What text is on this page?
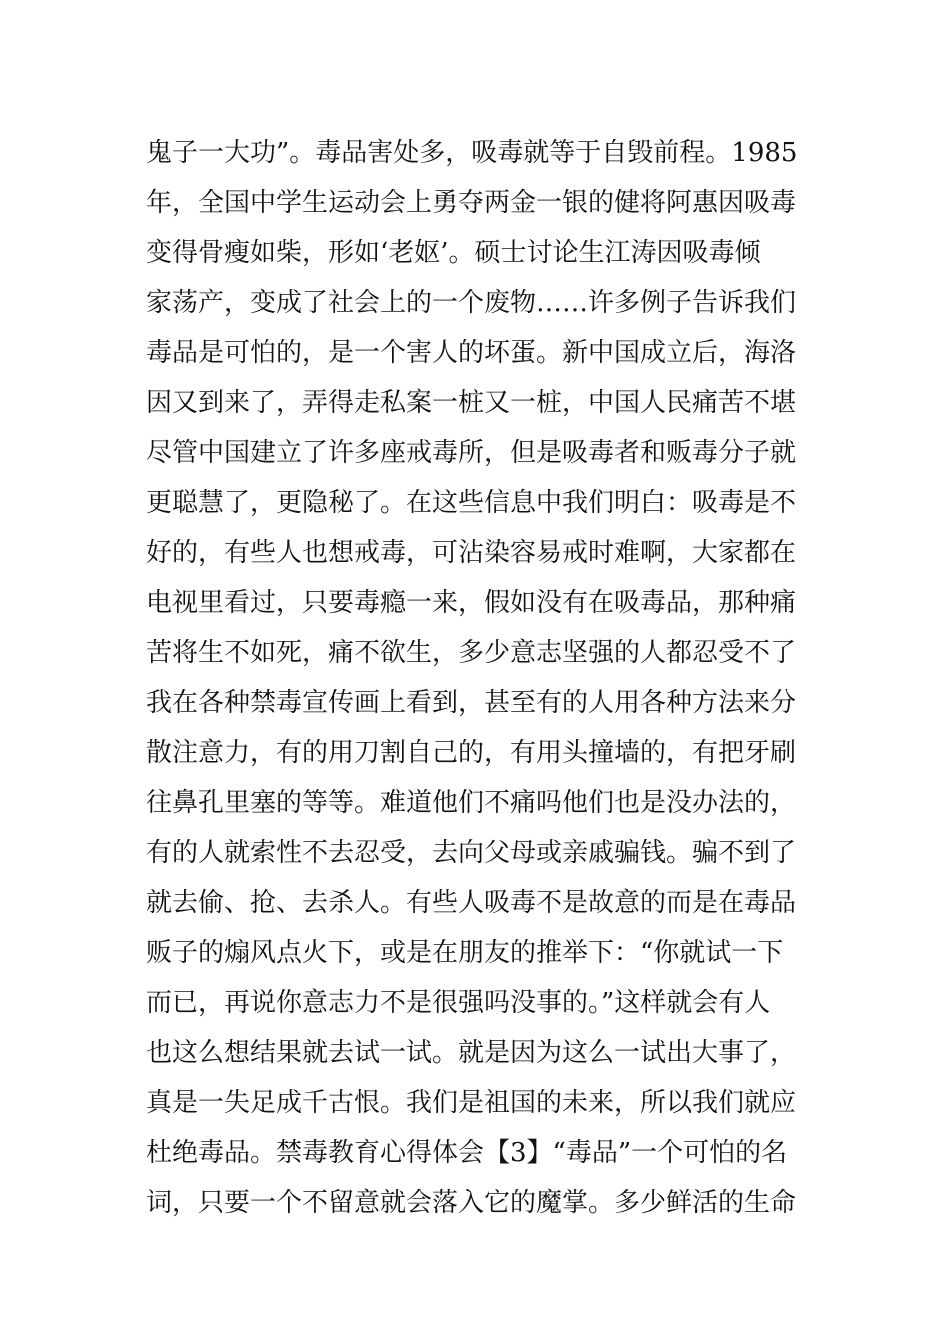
鬼子一大功”。毒品害处多，吸毒就等于自毁前程。1985
年，全国中学生运动会上勇夺两金一银的健将阿惠因吸毒
变得骨瘦如柴，形如‘老妪’。硕士讨论生江涛因吸毒倾
家荡产，变成了社会上的一个废物……许多例子告诉我们
毒品是可怕的，是一个害人的坏蛋。新中国成立后，海洛
因又到来了，弄得走私案一桩又一桩，中国人民痛苦不堪
尽管中国建立了许多座戒毒所，但是吸毒者和贩毒分子就
更聪慧了，更隐秘了。在这些信息中我们明白：吸毒是不
好的，有些人也想戒毒，可沾染容易戒时难啊，大家都在
电视里看过，只要毒瘾一来，假如没有在吸毒品，那种痛
苦将生不如死，痛不欲生，多少意志坚强的人都忍受不了
我在各种禁毒宣传画上看到，甚至有的人用各种方法来分
散注意力，有的用刀割自己的，有用头撞墙的，有把牙刷
往鼻孔里塞的等等。难道他们不痛吗他们也是没办法的，
有的人就索性不去忍受，去向父母或亲戚骗钱。骗不到了
就去偷、抢、去杀人。有些人吸毒不是故意的而是在毒品
贩子的煽风点火下，或是在朋友的推举下：“你就试一下
而已，再说你意志力不是很强吗没事的。”这样就会有人
也这么想结果就去试一试。就是因为这么一试出大事了，
真是一失足成千古恨。我们是祖国的未来，所以我们就应
杜绝毒品。禁毒教育心得体会【3】“毒品”一个可怕的名
词，只要一个不留意就会落入它的魔掌。多少鲜活的生命
